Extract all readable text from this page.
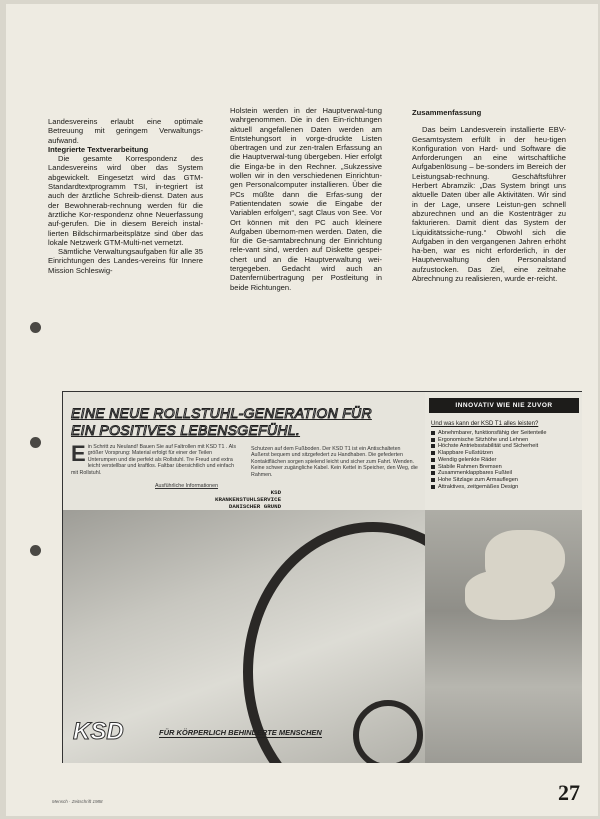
Landesvereins erlaubt eine optimale Betreuung mit geringem Verwaltungs-aufwand.

Integrierte Textverarbeitung

Die gesamte Korrespondenz des Landesvereins wird über das System abgewickelt. Eingesetzt wird das GTM-Standardtextprogramm TSI, in-tegriert ist auch der ärztliche Schreib-dienst. Daten aus der Bewohnerab-rechnung werden für die ärztliche Kor-respondenz ohne Neuerfassung auf-gerufen. Die in diesem Bereich instal-lierten Bildschirmarbeitsplätze sind über das lokale Netzwerk GTM-Multi-net vernetzt.

Sämtliche Verwaltungsaufgaben für alle 35 Einrichtungen des Landes-vereins für Innere Mission Schleswig-

Holstein werden in der Hauptverwal-tung wahrgenommen. Die in den Ein-richtungen aktuell angefallenen Daten werden am Entstehungsort in vorge-druckte Listen übertragen und zur zen-tralen Erfassung an die Hauptverwal-tung übergeben. Hier erfolgt die Einga-be in den Rechner. „Sukzessive wollen wir in den verschiedenen Einrichtun-gen Personalcomputer installieren. Über die PCs müßte dann die Erfas-sung der Patientendaten sowie die Eingabe der Variablen erfolgen“, sagt Claus von See. Vor Ort können mit den PC auch kleinere Aufgaben übernom-men werden. Daten, die für die Ge-samtabrechnung der Einrichtung rele-vant sind, werden auf Diskette gespei-chert und an die Hauptverwaltung wei-tergegeben. Gedacht wird auch an Datenfernübertragung per Postleitung in beide Richtungen.

Zusammenfassung

Das beim Landesverein installierte EBV-Gesamtsystem erfüllt in der heu-tigen Konfiguration von Hard- und Software die Anforderungen an eine wirtschaftliche Aufgabenlösung – be-sonders im Bereich der Leistungsab-rechnung. Geschäftsführer Herbert Abramzik: „Das System bringt uns aktuelle Daten über alle Aktivitäten. Wir sind in der Lage, unsere Leistun-gen schnell abzurechnen und an die Kostenträger zu fakturieren. Damit dient das System der Liquiditätssiche-rung.“ Obwohl sich die Aufgaben in den vergangenen Jahren erhöht ha-ben, war es nicht erforderlich, in der Hauptverwaltung den Personalstand aufzustocken. Das Ziel, eine zeitnahe Abrechnung zu realisieren, wurde er-reicht.

EINE NEUE ROLLSTUHL-GENERATION FÜR
EIN POSITIVES LEBENSGEFÜHL.
E in Schritt zu Neuland! Bauen Sie auf Faltrollen mit KSD T1 . Als größer Vorsprung: Material erfolgt für einer der Teilen Unterumpen und die perfekt als Rollstuhl. Tre Freud und extra leicht verstellbar und kraftlos. Faltbar übersichtlich und einfach mit Rollstuhl.
Ausführliche Informationen
KSD
KRANKENSTUHLSERVICE
DANISCHER GRUND
Schutzen auf dem Fußboden. Der KSD T1 ist ein Antischalteten Außerst bequem und sitzgefedert zu Handhaben. Die gefederten Kontaktflächen sorgen spielend leicht und sicher zum Fahrt. Wenden. Keine schwer zugängliche Kabel. Kein Kettel in Speicher, den Weg, die Rahmen.
KSD	FÜR KÖRPERLICH BEHINDERTE MENSCHEN
INNOVATIV WIE NIE ZUVOR
Und was kann der KSD T1 alles leisten?
Abnehmbarer, funktionsfähig der Seitenteile
Ergonomische Sitzhöhe und Lehnen
Höchste Antriebsstabilität und Sicherheit
Klappbare Fußstützen
Wendig gelenkte Räder
Stabile Rahmen Bremsen
Zusammenklappbares Fußteil
Hohe Sitzlage zum Armauflegen
Attraktives, zeitgemäßes Design
Mensch · Zeitschrift 1988	27
